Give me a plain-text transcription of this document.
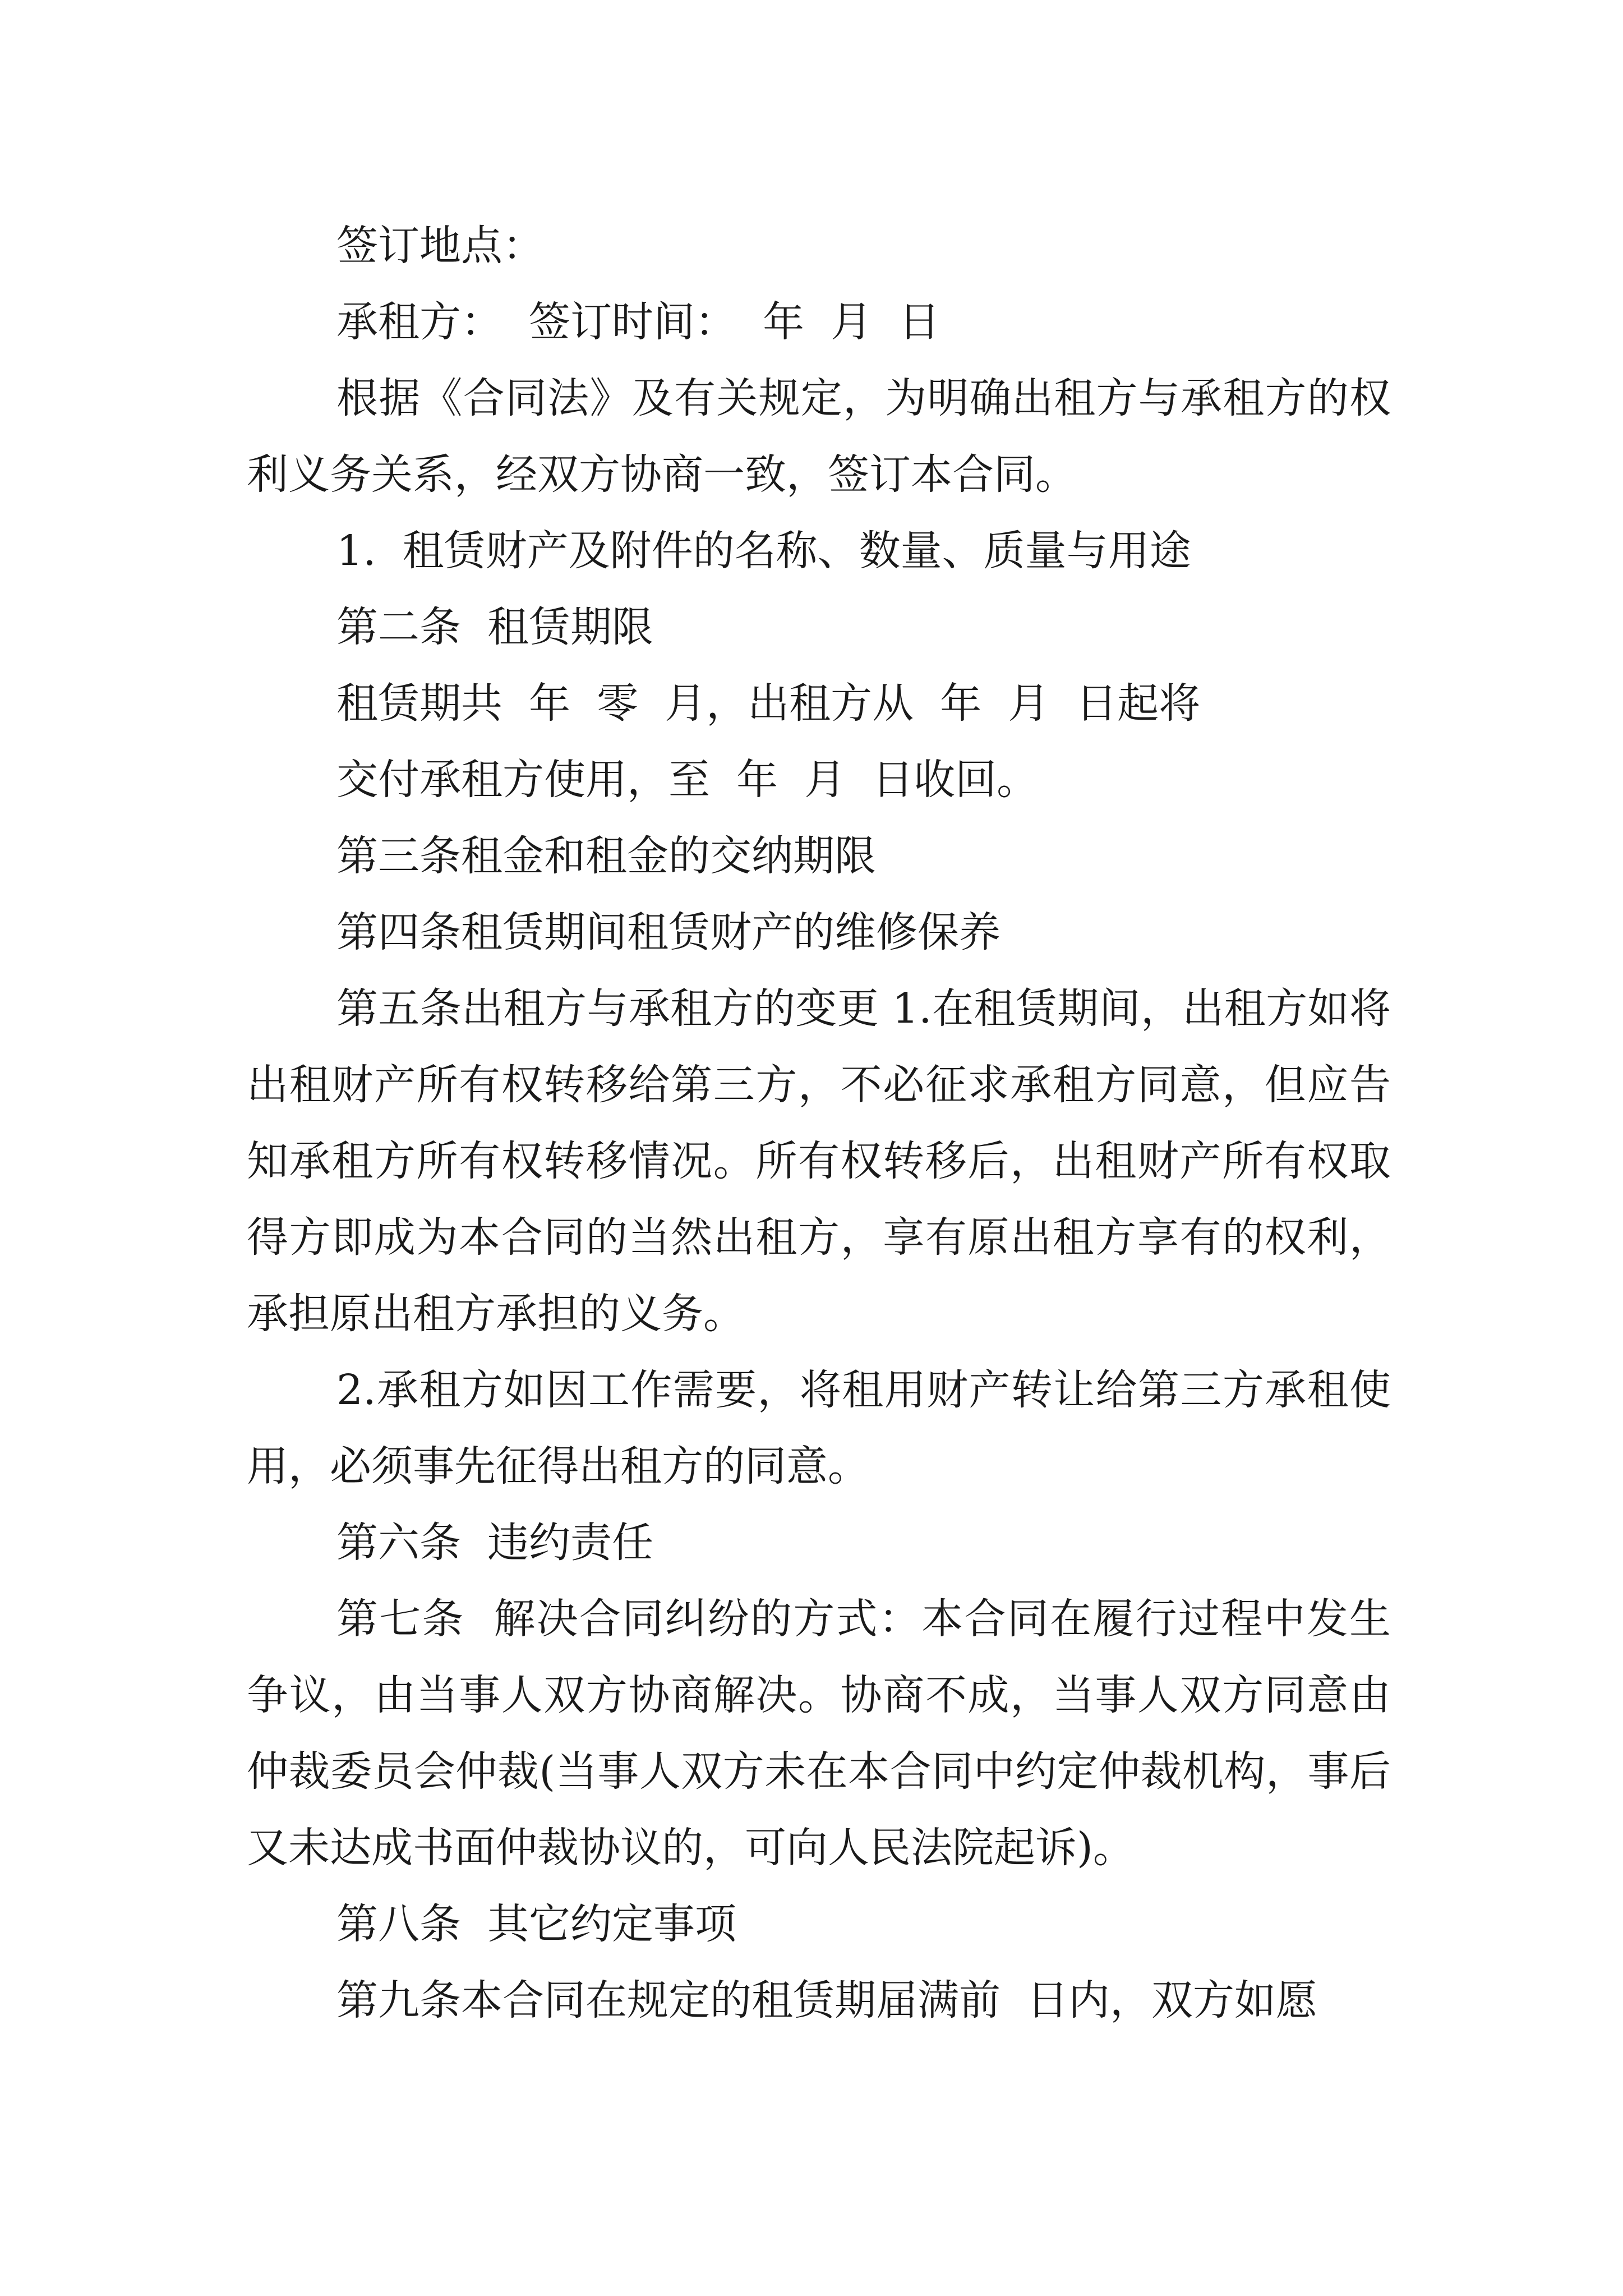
签订地点：

承租方：  签订时间：  年  月  日

根据《合同法》及有关规定，为明确出租方与承租方的权利义务关系，经双方协商一致，签订本合同。

1.  租赁财产及附件的名称、数量、质量与用途

第二条  租赁期限

租赁期共  年  零  月，出租方从  年  月  日起将

交付承租方使用，至  年  月  日收回。

第三条租金和租金的交纳期限

第四条租赁期间租赁财产的维修保养

第五条出租方与承租方的变更 1.在租赁期间，出租方如将出租财产所有权转移给第三方，不必征求承租方同意，但应告知承租方所有权转移情况。所有权转移后，出租财产所有权取得方即成为本合同的当然出租方，享有原出租方享有的权利，承担原出租方承担的义务。

2.承租方如因工作需要，将租用财产转让给第三方承租使用，必须事先征得出租方的同意。

第六条  违约责任

第七条  解决合同纠纷的方式：本合同在履行过程中发生争议，由当事人双方协商解决。协商不成，当事人双方同意由  仲裁委员会仲裁(当事人双方未在本合同中约定仲裁机构，事后又未达成书面仲裁协议的，可向人民法院起诉)。

第八条  其它约定事项

第九条本合同在规定的租赁期届满前  日内，双方如愿
